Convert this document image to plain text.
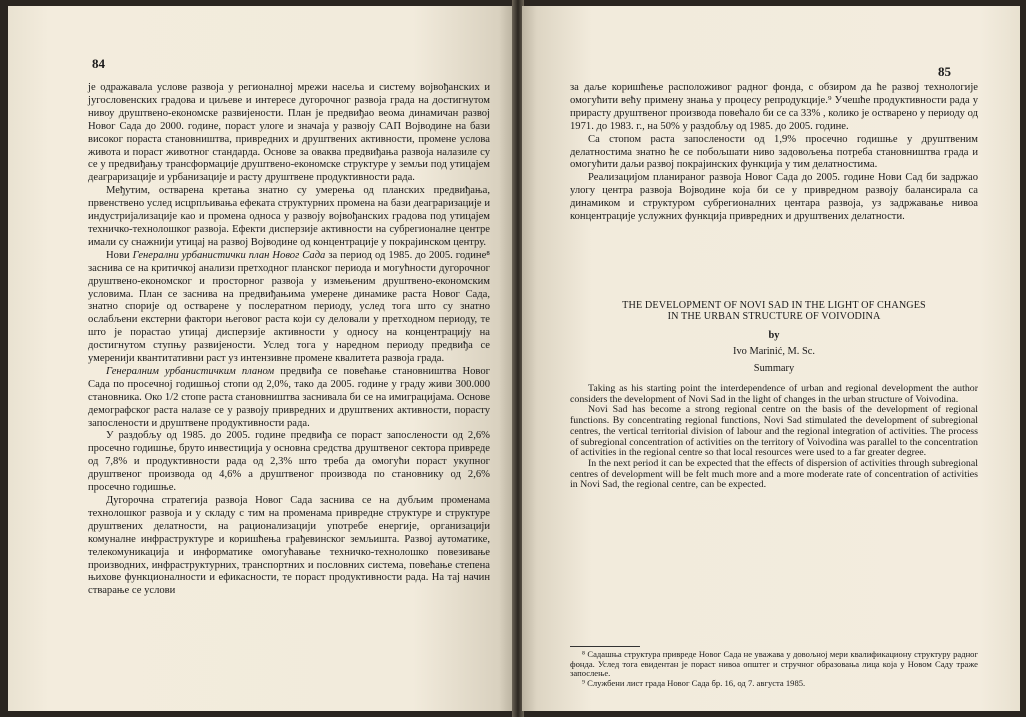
84

је одражавала услове развоја у регионалној мрежи насеља и систему војвођанских и југословенских градова и циљеве и интересе дугорочног развоја града на достигнутом нивоу друштвено-економске развијености. План је предвиђао веома динамичан развој Новог Сада до 2000. године, пораст улоге и значаја у развоју САП Војводине на бази високог пораста становништва, привредних и друштвених активности, промене услова живота и пораст животног стандарда. Основе за оваква предвиђања развоја налазиле су се у предвиђању трансформације друштвено-економске структуре у земљи под утицајем деаграризације и урбанизације и расту друштвене продуктивности рада.

Међутим, остварена кретања знатно су умерења од планских предвиђања, првенствено услед исцрпљивања ефеката структурних промена на бази деаграризације и индустријализације као и промена односа у развоју војвођанских градова под утицајем техничко-технолошког развоја. Ефекти дисперзије активности на субрегионалне центре имали су снажнији утицај на развој Војводине од концентрације у покрајинском центру.

Нови Генерални урбанистички план Новог Сада за период од 1985. до 2005. године⁸ заснива се на критичкој анализи претходног планског периода и могућности дугорочног друштвено-економског и просторног развоја у измењеним друштвено-економским условима. План се заснива на предвиђањима умерене динамике раста Новог Сада, знатно спорије од остварене у послератном периоду, услед тога што су знатно ослабљени екстерни фактори његовог раста који су деловали у претходном периоду, те што је порастао утицај дисперзије активности у односу на концентрацију на достигнутом ступњу развијености. Услед тога у наредном периоду предвиђа се умеренији квантитативни раст уз интензивне промене квалитета развоја града.

Генералним урбанистичким планом предвиђа се повећање становништва Новог Сада по просечној годишњој стопи од 2,0%, тако да 2005. године у граду живи 300.000 становника. Око 1/2 стопе раста становништва заснивала би се на имиграцијама. Основе демографског раста налазе се у развоју привредних и друштвених активности, порасту запослености и друштвене продуктивности рада.

У раздобљу од 1985. до 2005. године предвиђа се пораст запослености од 2,6% просечно годишње, бруто инвестиција у основна средства друштвеног сектора привреде од 7,8% и продуктивности рада од 2,3% што треба да омогући пораст укупног друштвеног производа од 4,6% а друштвеног производа по становнику од 2,6% просечно годишње.

Дугорочна стратегија развоја Новог Сада заснива се на дубљим променама технолошког развоја и у складу с тим на променама привредне структуре и структуре друштвених делатности, на рационализацији употребе енергије, организацији комуналне инфраструктуре и коришћења грађевинског земљишта. Развој аутоматике, телекомуникација и информатике омогућавање техничко-технолошко повезивање производних, инфраструктурних, транспортних и пословних система, повећање степена њихове функционалности и ефикасности, те пораст продуктивности рада. На тај начин стварање се услови

85

за даље коришћење расположивог радног фонда, с обзиром да ће развој технологије омогућити већу примену знања у процесу репродукције.⁹ Учешће продуктивности рада у прирасту друштвеног производа повећало би се са 33% , колико је остварено у периоду од 1971. до 1983. г., на 50% у раздобљу од 1985. до 2005. године.

Са стопом раста запослености од 1,9% просечно годишње у друштвеним делатностима знатно ће се побољшати ниво задовољења потреба становништва града и омогућити даљи развој покрајинских функција у тим делатностима.

Реализацијом планираног развоја Новог Сада до 2005. године Нови Сад би задржао улогу центра развоја Војводине која би се у привредном развоју балансирала са динамиком и структуром субрегионалних центара развоја, уз задржавање нивоа концентрације услужних функција привредних и друштвених делатности.

THE DEVELOPMENT OF NOVI SAD IN THE LIGHT OF CHANGES
IN THE URBAN STRUCTURE OF VOIVODINA
by
Ivo Marinić, M. Sc.
Summary

Taking as his starting point the interdependence of urban and regional development the author considers the development of Novi Sad in the light of changes in the urban structure of Voivodina.

Novi Sad has become a strong regional centre on the basis of the development of regional functions. By concentrating regional functions, Novi Sad stimulated the development of subregional centres, the vertical territorial division of labour and the regional integration of activities. The process of subregional concentration of activities on the territory of Voivodina was parallel to the concentration of activities in the regional centre so that local resources were used to a far greater degree.

In the next period it can be expected that the effects of dispersion of activities through subregional centres of development will be felt much more and a more moderate rate of concentration of activities in Novi Sad, the regional centre, can be expected.

⁸ Садашња структура привреде Новог Сада не уважава у довољној мери квалификациону структуру радног фонда. Услед тога евидентан је пораст нивоа општег и стручног образовања лица која у Новом Саду траже запослење.

⁹ Службени лист града Новог Сада бр. 16, од 7. августа 1985.
